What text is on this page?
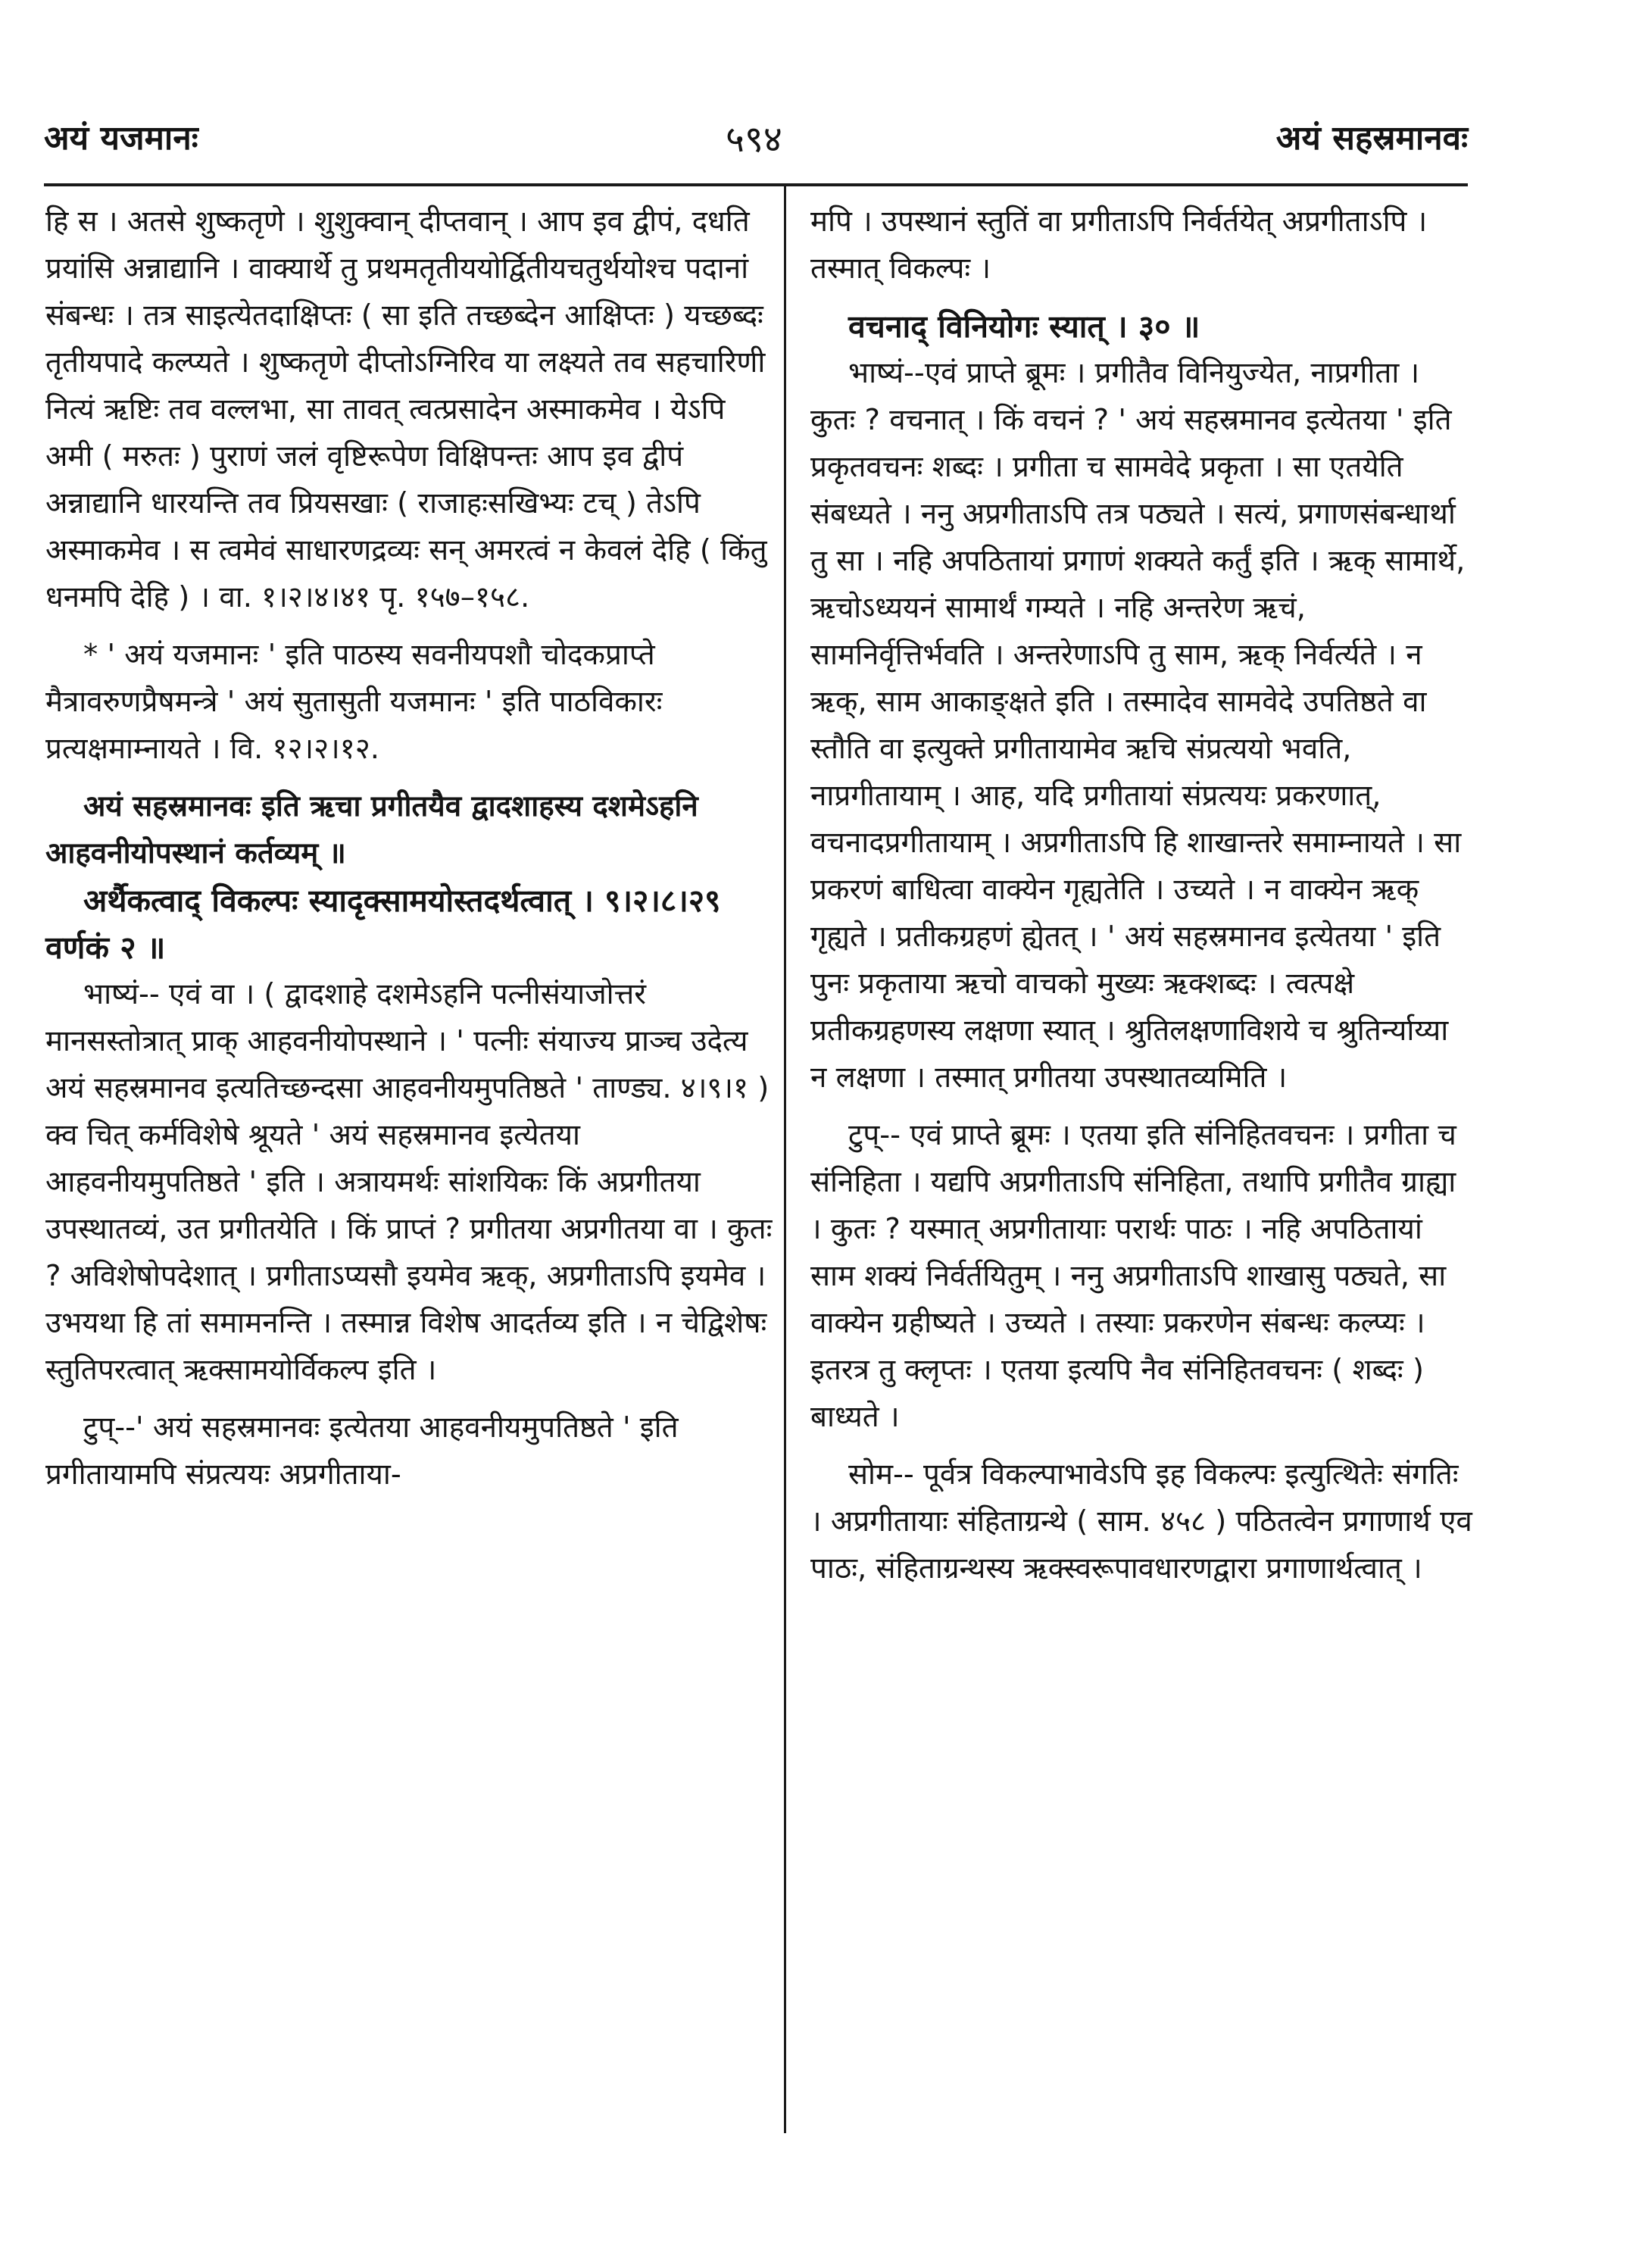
अयं यजमानः	५९४	अयं सहस्रमानवः

हि स । अतसे शुष्कतृणे । शुशुक्वान् दीप्तवान् । आप इव द्वीपं, दधति प्रयांसि अन्नाद्यानि । वाक्यार्थे तु प्रथमतृतीययोर्द्वितीयचतुर्थयोश्च पदानां संबन्धः । तत्र साइत्येतदाक्षिप्तः ( सा इति तच्छब्देन आक्षिप्तः ) यच्छब्दः तृतीयपादे कल्प्यते । शुष्कतृणे दीप्तोऽग्निरिव या लक्ष्यते तव सहचारिणी नित्यं ऋष्टिः तव वल्लभा, सा तावत् त्वत्प्रसादेन अस्माकमेव । येऽपि अमी ( मरुतः ) पुराणं जलं वृष्टिरूपेण विक्षिपन्तः आप इव द्वीपं अन्नाद्यानि धारयन्ति तव प्रियसखाः ( राजाहःसखिभ्यः टच् ) तेऽपि अस्माकमेव । स त्वमेवं साधारणद्रव्यः सन् अमरत्वं न केवलं देहि ( किंतु धनमपि देहि ) । वा. १।२।४।४१ पृ. १५७–१५८.

* ' अयं यजमानः ' इति पाठस्य सवनीयपशौ चोदकप्राप्ते मैत्रावरुणप्रैषमन्त्रे ' अयं सुतासुती यजमानः ' इति पाठविकारः प्रत्यक्षमाम्नायते । वि. १२।२।१२.

अयं सहस्रमानवः इति ऋचा प्रगीतयैव द्वादशाहस्य दशमेऽहनि आहवनीयोपस्थानं कर्तव्यम् ॥

अर्थैकत्वाद् विकल्पः स्यादृक्सामयोस्तदर्थत्वात् । ९।२।८।२९ वर्णकं २ ॥

भाष्यं-- एवं वा । ( द्वादशाहे दशमेऽहनि पत्नीसंयाजोत्तरं मानसस्तोत्रात् प्राक् आहवनीयोपस्थाने । ' पत्नीः संयाज्य प्राञ्च उदेत्य अयं सहस्रमानव इत्यतिच्छन्दसा आहवनीयमुपतिष्ठते ' ताण्ड्य. ४।९।१ ) क्व चित् कर्मविशेषे श्रूयते ' अयं सहस्रमानव इत्येतया आहवनीयमुपतिष्ठते ' इति । अत्रायमर्थः सांशयिकः किं अप्रगीतया उपस्थातव्यं, उत प्रगीतयेति । किं प्राप्तं ? प्रगीतया अप्रगीतया वा । कुतः ? अविशेषोपदेशात् । प्रगीताऽप्यसौ इयमेव ऋक्, अप्रगीताऽपि इयमेव । उभयथा हि तां समामनन्ति । तस्मान्न विशेष आदर्तव्य इति । न चेद्विशेषः स्तुतिपरत्वात् ऋक्सामयोर्विकल्प इति ।

टुप्--' अयं सहस्रमानवः इत्येतया आहवनीयमुपतिष्ठते ' इति प्रगीतायामपि संप्रत्ययः अप्रगीताया-

मपि । उपस्थानं स्तुतिं वा प्रगीताऽपि निर्वर्तयेत् अप्रगीताऽपि । तस्मात् विकल्पः ।

वचनाद् विनियोगः स्यात् । ३० ॥

भाष्यं--एवं प्राप्ते ब्रूमः । प्रगीतैव विनियुज्येत, नाप्रगीता । कुतः ? वचनात् । किं वचनं ? ' अयं सहस्रमानव इत्येतया ' इति प्रकृतवचनः शब्दः । प्रगीता च सामवेदे प्रकृता । सा एतयेति संबध्यते । ननु अप्रगीताऽपि तत्र पठ्यते । सत्यं, प्रगाणसंबन्धार्था तु सा । नहि अपठितायां प्रगाणं शक्यते कर्तुं इति । ऋक् सामार्थे, ऋचोऽध्ययनं सामार्थं गम्यते । नहि अन्तरेण ऋचं, सामनिर्वृत्तिर्भवति । अन्तरेणाऽपि तु साम, ऋक् निर्वर्त्यते । न ऋक्, साम आकाङ्क्षते इति । तस्मादेव सामवेदे उपतिष्ठते वा स्तौति वा इत्युक्ते प्रगीतायामेव ऋचि संप्रत्ययो भवति, नाप्रगीतायाम् । आह, यदि प्रगीतायां संप्रत्ययः प्रकरणात्, वचनादप्रगीतायाम् । अप्रगीताऽपि हि शाखान्तरे समाम्नायते । सा प्रकरणं बाधित्वा वाक्येन गृह्यतेति । उच्यते । न वाक्येन ऋक् गृह्यते । प्रतीकग्रहणं ह्येतत् । ' अयं सहस्रमानव इत्येतया ' इति पुनः प्रकृताया ऋचो वाचको मुख्यः ऋक्शब्दः । त्वत्पक्षे प्रतीकग्रहणस्य लक्षणा स्यात् । श्रुतिलक्षणाविशये च श्रुतिर्न्याय्या न लक्षणा । तस्मात् प्रगीतया उपस्थातव्यमिति ।

टुप्-- एवं प्राप्ते ब्रूमः । एतया इति संनिहितवचनः । प्रगीता च संनिहिता । यद्यपि अप्रगीताऽपि संनिहिता, तथापि प्रगीतैव ग्राह्या । कुतः ? यस्मात् अप्रगीतायाः परार्थः पाठः । नहि अपठितायां साम शक्यं निर्वर्तयितुम् । ननु अप्रगीताऽपि शाखासु पठ्यते, सा वाक्येन ग्रहीष्यते । उच्यते । तस्याः प्रकरणेन संबन्धः कल्प्यः । इतरत्र तु क्लृप्तः । एतया इत्यपि नैव संनिहितवचनः ( शब्दः ) बाध्यते ।

सोम-- पूर्वत्र विकल्पाभावेऽपि इह विकल्पः इत्युत्थितेः संगतिः । अप्रगीतायाः संहिताग्रन्थे ( साम. ४५८ ) पठितत्वेन प्रगाणार्थ एव पाठः, संहिताग्रन्थस्य ऋक्स्वरूपावधारणद्वारा प्रगाणार्थत्वात् ।
